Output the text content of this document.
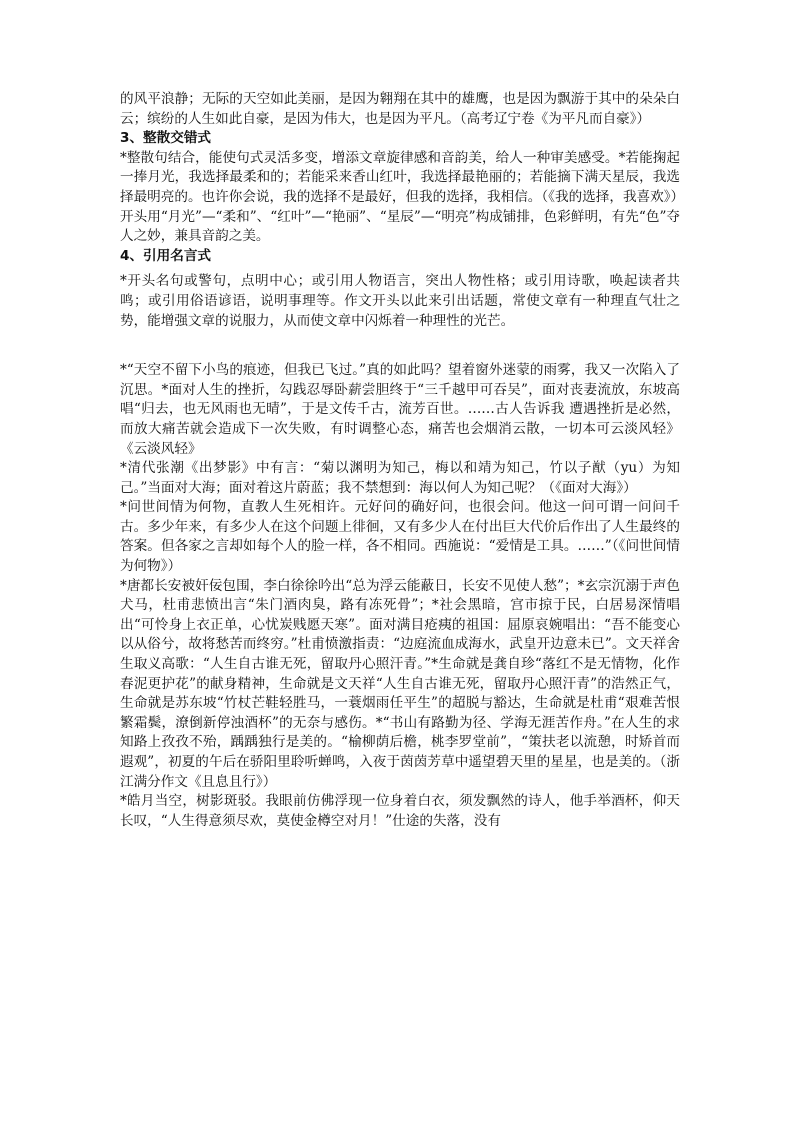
的风平浪静；无际的天空如此美丽，是因为翱翔在其中的雄鹰，也是因为飘游于其中的朵朵白云；缤纷的人生如此自豪，是因为伟大，也是因为平凡。（高考辽宁卷《为平凡而自豪》）

3、整散交错式

*整散句结合，能使句式灵活多变，增添文章旋律感和音韵美，给人一种审美感受。*若能掬起一捧月光，我选择最柔和的；若能采来香山红叶，我选择最艳丽的；若能摘下满天星辰，我选择最明亮的。也许你会说，我的选择不是最好，但我的选择，我相信。（《我的选择，我喜欢》）

开头用“月光”—“柔和”、“红叶”—“艳丽”、“星辰”—“明亮”构成铺排，色彩鲜明，有先“色”夺人之妙，兼具音韵之美。

4、引用名言式

*开头名句或警句，点明中心；或引用人物语言，突出人物性格；或引用诗歌，唤起读者共鸣；或引用俗语谚语，说明事理等。作文开头以此来引出话题，常使文章有一种理直气壮之势，能增强文章的说服力，从而使文章中闪烁着一种理性的光芒。

*“天空不留下小鸟的痕迹，但我已飞过。”真的如此吗？望着窗外迷蒙的雨雾，我又一次陷入了沉思。*面对人生的挫折，勾践忍辱卧薪尝胆终于“三千越甲可吞吴”，面对丧妻流放，东坡高唱“归去，也无风雨也无晴”，于是文传千古，流芳百世。……古人告诉我 遭遇挫折是必然，而放大痛苦就会造成下一次失败，有时调整心态，痛苦也会烟消云散，一切本可云淡风轻》《云淡风轻》

*清代张潮《出梦影》中有言：“菊以渊明为知己，梅以和靖为知己，竹以子猷（yu）为知己。”当面对大海；面对着这片蔚蓝；我不禁想到：海以何人为知己呢？（《面对大海》）

*问世间情为何物，直教人生死相许。元好问的确好问，也很会问。他这一问可谓一问问千古。多少年来，有多少人在这个问题上徘徊，又有多少人在付出巨大代价后作出了人生最终的答案。但各家之言却如每个人的脸一样，各不相同。西施说：“爱情是工具。……”（《问世间情为何物》）

*唐都长安被奸佞包围，李白徐徐吟出“总为浮云能蔽日，长安不见使人愁”；*玄宗沉溺于声色犬马，杜甫悲愤出言“朱门酒肉臭，路有冻死骨”；*社会黑暗，宫市掠于民，白居易深情唱出“可怜身上衣正单，心忧炭贱愿天寒”。面对满目疮痍的祖国：屈原哀婉唱出：“吾不能变心以从俗兮，故将愁苦而终穷。”杜甫愤激指责：“边庭流血成海水，武皇开边意未已”。文天祥舍生取义高歌：“人生自古谁无死，留取丹心照汗青。”*生命就是龚自珍“落红不是无情物，化作春泥更护花”的献身精神，生命就是文天祥“人生自古谁无死，留取丹心照汗青”的浩然正气，生命就是苏东坡“竹杖芒鞋轻胜马，一蓑烟雨任平生”的超脱与豁达，生命就是杜甫“艰难苦恨繁霜鬓，潦倒新停浊酒杯”的无奈与感伤。*“书山有路勤为径、学海无涯苦作舟。”在人生的求知路上孜孜不殆，踽踽独行是美的。“榆柳荫后檐，桃李罗堂前”，“策扶老以流憩，时矫首而遐观”，初夏的午后在骄阳里聆听蝉鸣，入夜于茵茵芳草中遥望碧天里的星星，也是美的。（浙江满分作文《且息且行》）

*皓月当空，树影斑驳。我眼前仿佛浮现一位身着白衣，须发飘然的诗人，他手举酒杯，仰天长叹，“人生得意须尽欢，莫使金樽空对月！”仕途的失落，没有
